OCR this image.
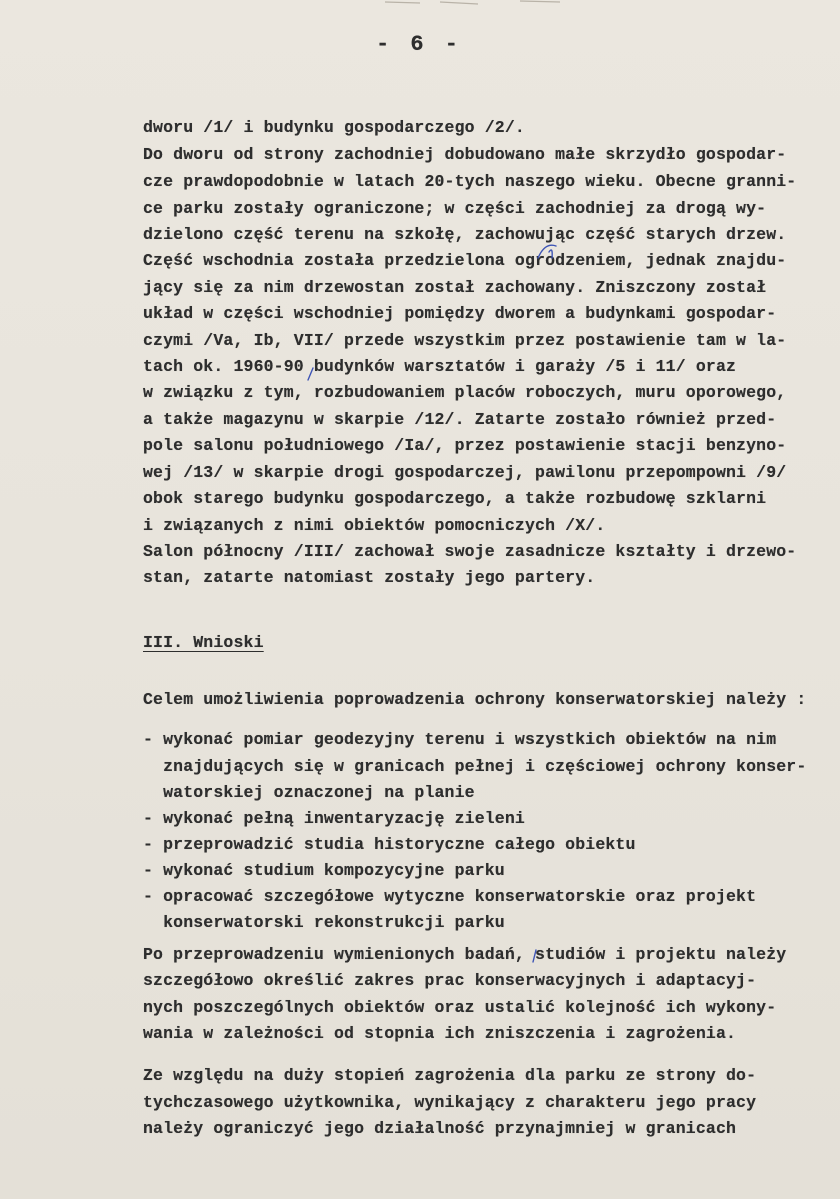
- 6 -
dworu /1/ i budynku gospodarczego /2/.
Do dworu od strony zachodniej dobudowano małe skrzydło gospodar-
cze prawdopodobnie w latach 20-tych naszego wieku. Obecne granni-
ce parku zostały ograniczone; w części zachodniej za drogą wy-
dzielono część terenu na szkołę, zachowując część starych drzew.
Część wschodnia została przedzielona ogrodzeniem, jednak znajdu-
jący się za nim drzewostan został zachowany. Zniszczony został
układ w części wschodniej pomiędzy dworem a budynkami gospodar-
czymi /Va, Ib, VII/ przede wszystkim przez postawienie tam w la-
tach ok. 1960-90 budynków warsztatów i garaży /5 i 11/ oraz
w związku z tym, rozbudowaniem placów roboczych, muru oporowego,
a także magazynu w skarpie /12/. Zatarte zostało również przed-
pole salonu południowego /Ia/, przez postawienie stacji benzyno-
wej /13/ w skarpie drogi gospodarczej, pawilonu przepompowni /9/
obok starego budynku gospodarczego, a także rozbudowę szklarni
i związanych z nimi obiektów pomocniczych /X/.
Salon północny /III/ zachował swoje zasadnicze kształty i drzewo-
stan, zatarte natomiast zostały jego partery.
III. Wnioski
Celem umożliwienia poprowadzenia ochrony konserwatorskiej należy :
- wykonać pomiar geodezyjny terenu i wszystkich obiektów na nim
znajdujących się w granicach pełnej i częściowej ochrony konser-
watorskiej oznaczonej na planie
- wykonać pełną inwentaryzację zieleni
- przeprowadzić studia historyczne całego obiektu
- wykonać studium kompozycyjne parku
- opracować szczegółowe wytyczne konserwatorskie oraz projekt
konserwatorski rekonstrukcji parku
Po przeprowadzeniu wymienionych badań, studiów i projektu należy
szczegółowo określić zakres prac konserwacyjnych i adaptacyj-
nych poszczególnych obiektów oraz ustalić kolejność ich wykony-
wania w zależności od stopnia ich zniszczenia i zagrożenia.
Ze względu na duży stopień zagrożenia dla parku ze strony do-
tychczasowego użytkownika, wynikający z charakteru jego pracy
należy ograniczyć jego działalność przynajmniej w granicach
